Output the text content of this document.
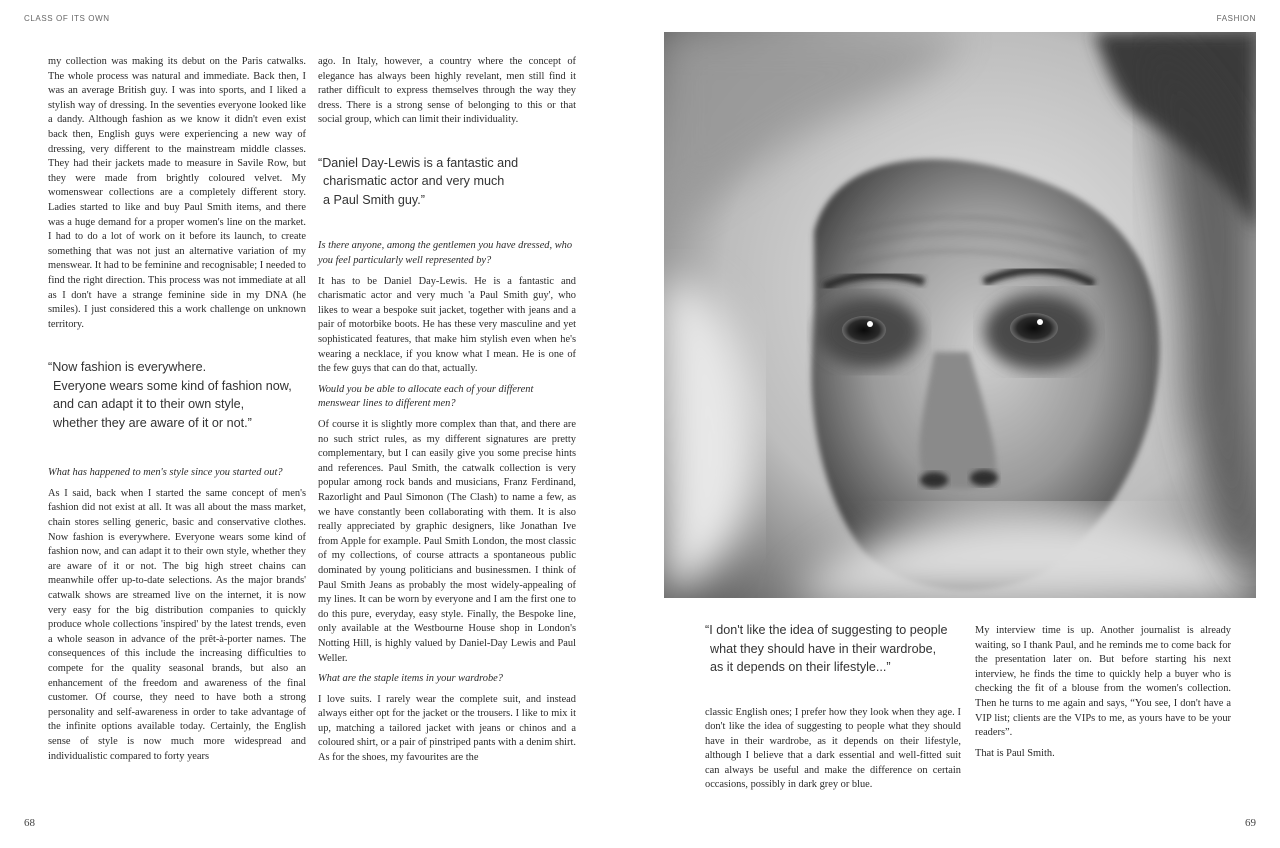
CLASS OF ITS OWN	FASHION

my collection was making its debut on the Paris catwalks. The whole process was natural and immediate. Back then, I was an average British guy. I was into sports, and I liked a stylish way of dressing. In the seventies everyone looked like a dandy. Although fashion as we know it didn't even exist back then, English guys were experiencing a new way of dressing, very different to the mainstream middle classes. They had their jackets made to measure in Savile Row, but they were made from brightly coloured velvet. My womenswear collections are a completely different story. Ladies started to like and buy Paul Smith items, and there was a huge demand for a proper women's line on the market. I had to do a lot of work on it before its launch, to create something that was not just an alternative variation of my menswear. It had to be feminine and recognisable; I needed to find the right direction. This process was not immediate at all as I don't have a strange feminine side in my DNA (he smiles). I just considered this a work challenge on unknown territory.

“Now fashion is everywhere.
Everyone wears some kind of fashion now,
and can adapt it to their own style,
whether they are aware of it or not.”

What has happened to men's style since you started out?

As I said, back when I started the same concept of men's fashion did not exist at all. It was all about the mass market, chain stores selling generic, basic and conservative clothes. Now fashion is everywhere. Everyone wears some kind of fashion now, and can adapt it to their own style, whether they are aware of it or not. The big high street chains can meanwhile offer up-to-date selections. As the major brands' catwalk shows are streamed live on the internet, it is now very easy for the big distribution companies to quickly produce whole collections 'inspired' by the latest trends, even a whole season in advance of the prêt-à-porter names. The consequences of this include the increasing difficulties to compete for the quality seasonal brands, but also an enhancement of the freedom and awareness of the final customer. Of course, they need to have both a strong personality and self-awareness in order to take advantage of the infinite options available today. Certainly, the English sense of style is now much more widespread and individualistic compared to forty years

ago. In Italy, however, a country where the concept of elegance has always been highly revelant, men still find it rather difficult to express themselves through the way they dress. There is a strong sense of belonging to this or that social group, which can limit their individuality.

“Daniel Day-Lewis is a fantastic and
charismatic actor and very much
a Paul Smith guy.”

Is there anyone, among the gentlemen you have dressed, who you feel particularly well represented by?

It has to be Daniel Day-Lewis. He is a fantastic and charismatic actor and very much 'a Paul Smith guy', who likes to wear a bespoke suit jacket, together with jeans and a pair of motorbike boots. He has these very masculine and yet sophisticated features, that make him stylish even when he's wearing a necklace, if you know what I mean. He is one of the few guys that can do that, actually.

Would you be able to allocate each of your different menswear lines to different men?

Of course it is slightly more complex than that, and there are no such strict rules, as my different signatures are pretty complementary, but I can easily give you some precise hints and references. Paul Smith, the catwalk collection is very popular among rock bands and musicians, Franz Ferdinand, Razorlight and Paul Simonon (The Clash) to name a few, as we have constantly been collaborating with them. It is also really appreciated by graphic designers, like Jonathan Ive from Apple for example. Paul Smith London, the most classic of my collections, of course attracts a spontaneous public dominated by young politicians and businessmen. I think of Paul Smith Jeans as probably the most widely-appealing of my lines. It can be worn by everyone and I am the first one to do this pure, everyday, easy style. Finally, the Bespoke line, only available at the Westbourne House shop in London's Notting Hill, is highly valued by Daniel-Day Lewis and Paul Weller.

What are the staple items in your wardrobe?

I love suits. I rarely wear the complete suit, and instead always either opt for the jacket or the trousers. I like to mix it up, matching a tailored jacket with jeans or chinos and a coloured shirt, or a pair of pinstriped pants with a denim shirt. As for the shoes, my favourites are the

“I don't like the idea of suggesting to people
what they should have in their wardrobe,
as it depends on their lifestyle...”

classic English ones; I prefer how they look when they age. I don't like the idea of suggesting to people what they should have in their wardrobe, as it depends on their lifestyle, although I believe that a dark essential and well-fitted suit can always be useful and make the difference on certain occasions, possibly in dark grey or blue.

My interview time is up. Another journalist is already waiting, so I thank Paul, and he reminds me to come back for the presentation later on. But before starting his next interview, he finds the time to quickly help a buyer who is checking the fit of a blouse from the women's collection. Then he turns to me again and says, “You see, I don't have a VIP list; clients are the VIPs to me, as yours have to be your readers”.

That is Paul Smith.

68	69
